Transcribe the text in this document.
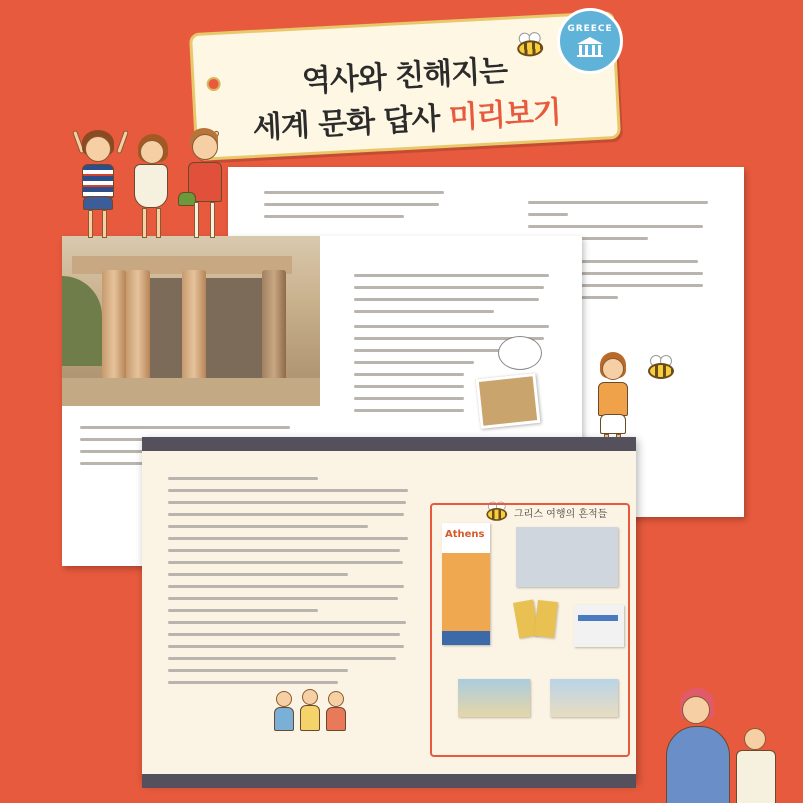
역사와 친해지는
세계 문화 답사 미리보기
GREECE
그리스 여행의 흔적들
Athens
